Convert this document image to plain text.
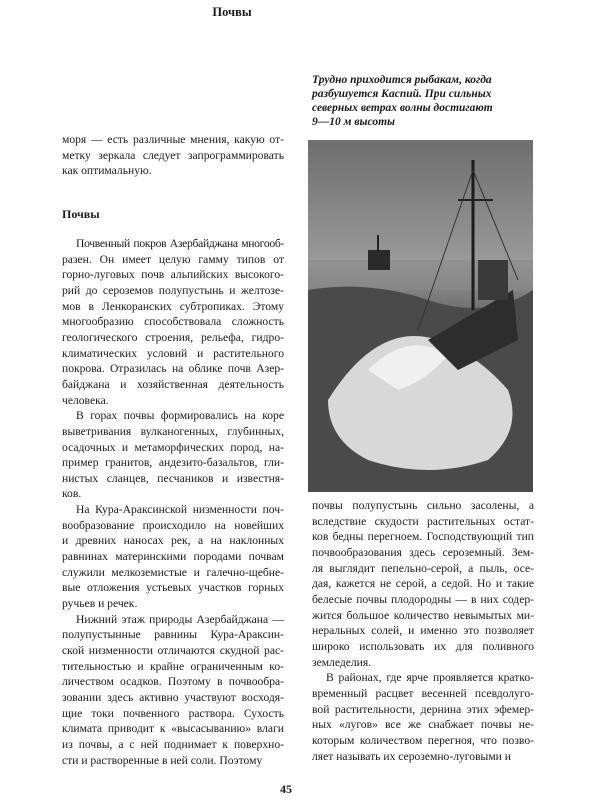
Почвы
Трудно приходится рыбакам, когда
разбушуется Каспий. При сильных
северных ветрах волны достигают
9—10 м высоты
моря — есть различные мнения, какую от-
метку зеркала следует запрограммировать
как оптимальную.
Почвы
Почвенный покров Азербайджана многооб-
разен. Он имеет целую гамму типов от
горно-луговых почв альпийских высокого-
рий до сероземов полупустынь и желтозе-
мов в Ленкоранских субтропиках. Этому
многообразию способствовала сложность
геологического строения, рельефа, гидро-
климатических условий и растительного
покрова. Отразилась на облике почв Азер-
байджана и хозяйственная деятельность
человека.
В горах почвы формировались на коре
выветривания вулканогенных, глубинных,
осадочных и метаморфических пород, на-
пример гранитов, андезито-базальтов, гли-
нистых сланцев, песчаников и известня-
ков.
На Кура-Араксинской низменности поч-
вообразование происходило на новейших
и древних наносах рек, а на наклонных
равнинах материнскими породами почвам
служили мелкоземистые и галечно-щебне-
вые отложения устьевых участков горных
ручьев и речек.
Нижний этаж природы Азербайджана —
полупустынные равнины Кура-Араксин-
ской низменности отличаются скудной рас-
тительностью и крайне ограниченным ко-
личеством осадков. Поэтому в почвообра-
зовании здесь активно участвуют восходя-
щие токи почвенного раствора. Сухость
климата приводит к «высасыванию» влаги
из почвы, а с ней поднимает к поверхно-
сти и растворенные в ней соли. Поэтому
почвы полупустынь сильно засолены, а
вследствие скудости растительных остат-
ков бедны перегноем. Господствующий тип
почвообразования здесь сероземный. Зем-
ля выглядит пепельно-серой, а пыль, осе-
дая, кажется не серой, а седой. Но и такие
белесые почвы плодородны — в них содер-
жится большое количество невымытых ми-
неральных солей, и именно это позволяет
широко использовать их для поливного
земледелия.
В районах, где ярче проявляется кратко-
временный расцвет весенней псевдолуго-
вой растительности, дернина этих эфемер-
ных «лугов» все же снабжает почвы не-
которым количеством перегноя, что позво-
ляет называть их сероземно-луговыми и
45
